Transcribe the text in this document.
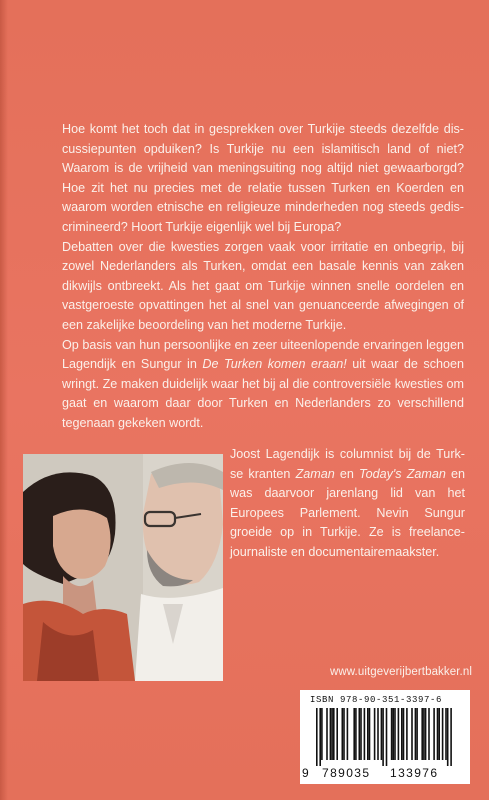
Hoe komt het toch dat in gesprekken over Turkije steeds dezelfde dis-cussiepunten opduiken? Is Turkije nu een islamitisch land of niet? Waarom is de vrijheid van meningsuiting nog altijd niet gewaarborgd? Hoe zit het nu precies met de relatie tussen Turken en Koerden en waarom worden etnische en religieuze minderheden nog steeds gedis-crimineerd? Hoort Turkije eigenlijk wel bij Europa?

Debatten over die kwesties zorgen vaak voor irritatie en onbegrip, bij zowel Nederlanders als Turken, omdat een basale kennis van zaken dikwijls ontbreekt. Als het gaat om Turkije winnen snelle oordelen en vastgeroeste opvattingen het al snel van genuanceerde afwegingen of een zakelijke beoordeling van het moderne Turkije.

Op basis van hun persoonlijke en zeer uiteenlopende ervaringen leggen Lagendijk en Sungur in De Turken komen eraan! uit waar de schoen wringt. Ze maken duidelijk waar het bij al die controversiële kwesties om gaat en waarom daar door Turken en Nederlanders zo verschillend tegenaan gekeken wordt.

Joost Lagendijk is columnist bij de Turk-se kranten Zaman en Today's Zaman en was daarvoor jarenlang lid van het Europees Parlement. Nevin Sungur groeide op in Turkije. Ze is freelance-journaliste en documentairemaakster.

www.uitgeverijbertbakker.nl
ISBN 978-90-351-3397-6
9 789035 133976
